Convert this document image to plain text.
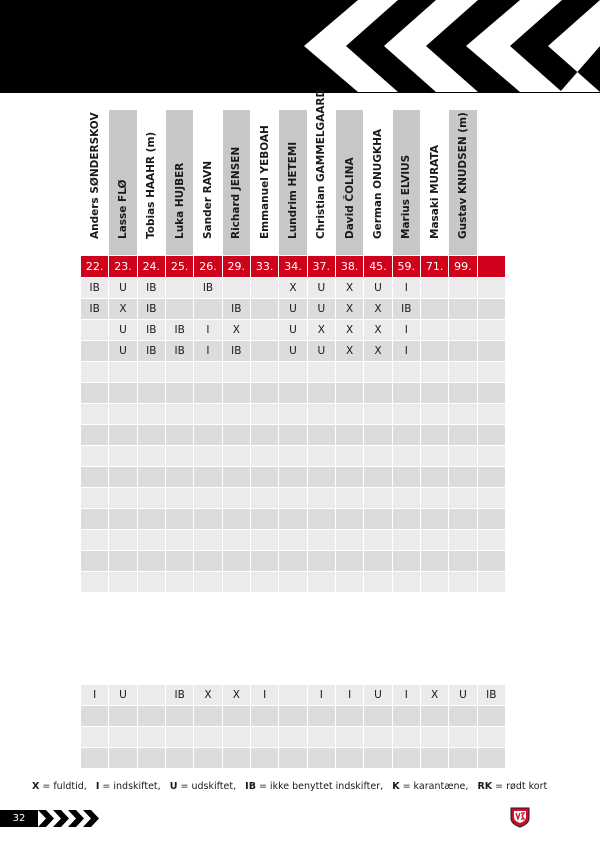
Anders SØNDERSKOV	Lasse FLØ	Tobias HAAHR (m)	Luka HUJBER	Sander RAVN	Richard JENSEN	Emmanuel YEBOAH	Lundrim HETEMI	Christian GAMMELGAARD	David ČOLINA	German ONUGKHA	Marius ELVIUS	Masaki MURATA	Gustav KNUDSEN (m)	

22.	23.	24.	25.	26.	29.	33.	34.	37.	38.	45.	59.	71.	99.	
IB	U	IB		IB			X	U	X	U	I			
IB	X	IB			IB		U	U	X	X	IB			
	U	IB	IB	I	X		U	X	X	X	I			
	U	IB	IB	I	IB		U	U	X	X	I			

I	U		IB	X	X	I		I	I	U	I	X	U	IB

X = fuldtid, I = indskiftet, U = udskiftet, IB = ikke benyttet indskifter, K = karantæne, RK = rødt kort
32
